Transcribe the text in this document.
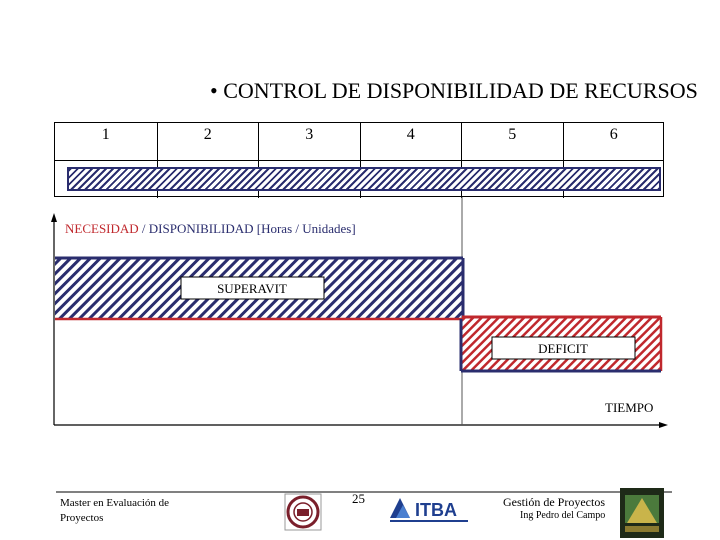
• CONTROL DE DISPONIBILIDAD DE RECURSOS
1	2	3	4	5	6
SUPERAVIT
DEFICIT
ITBA
NECESIDAD / DISPONIBILIDAD [Horas / Unidades]
TIEMPO
Master en Evaluación de
Proyectos
25	Gestión de Proyectos
Ing Pedro del Campo
